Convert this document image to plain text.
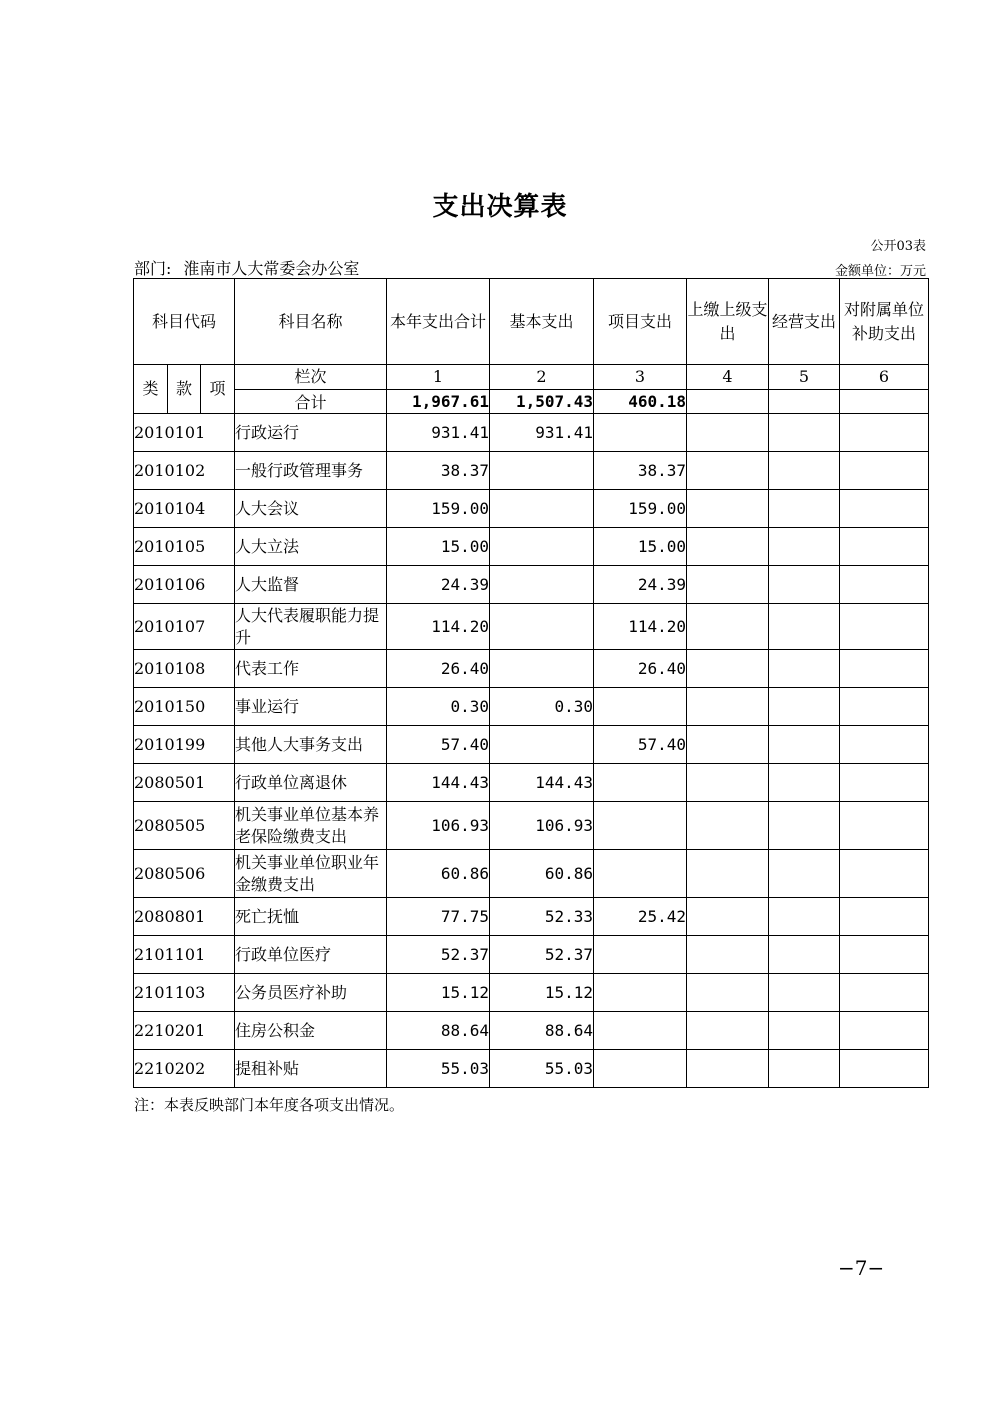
支出决算表
公开03表
部门: 淮南市人大常委会办公室	金额单位：万元
科目代码			科目名称	本年支出合计	基本支出	项目支出	上缴上级支出	经营支出	对附属单位补助支出
类	款	项	栏次	1	2	3	4	5	6
			合计	1,967.61	1,507.43	460.18			
2010101			行政运行	931.41	931.41				
2010102			一般行政管理事务	38.37		38.37			
2010104			人大会议	159.00		159.00			
2010105			人大立法	15.00		15.00			
2010106			人大监督	24.39		24.39			
2010107			人大代表履职能力提升	114.20		114.20			
2010108			代表工作	26.40		26.40			
2010150			事业运行	0.30	0.30				
2010199			其他人大事务支出	57.40		57.40			
2080501			行政单位离退休	144.43	144.43				
2080505			机关事业单位基本养老保险缴费支出	106.93	106.93				
2080506			机关事业单位职业年金缴费支出	60.86	60.86				
2080801			死亡抚恤	77.75	52.33	25.42			
2101101			行政单位医疗	52.37	52.37				
2101103			公务员医疗补助	15.12	15.12				
2210201			住房公积金	88.64	88.64				
2210202			提租补贴	55.03	55.03				
注：本表反映部门本年度各项支出情况。
−7−
